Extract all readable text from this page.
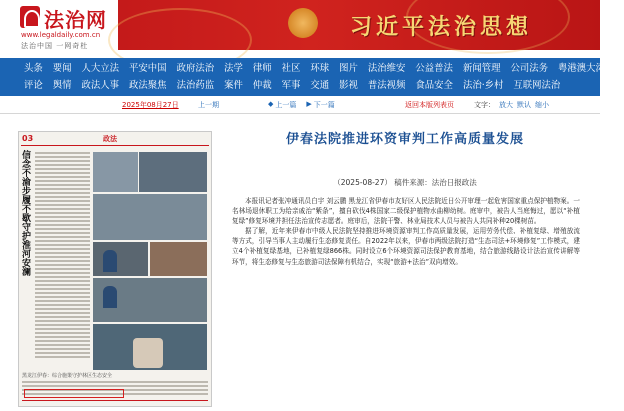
法治网
www.legaldaily.com.cn
法治中国 一网奇杜
习近平法治思想
头条 要闻 人大立法 平安中国 政府法治 法学 律师 社区 环球 图片 法治维安 公益普法 新闻管理 公司法务 粤港澳大湾区
评论 舆情 政法人事 政法聚焦 法治药监 案件 仲裁 军事 交通 影视 普法视频 食品安全 法治·乡村 互联网法治
2025年08月27日	上一期	◆ 上一篇 ▶ 下一篇	返回本版列表页	文字： 放大 默认 缩小
03	政法
信念不渝步履不歇守护淮河安澜
黑龙江伊春：综合施策守护林区生态安全
伊春法院推进环资审判工作高质量发展
（2025-08-27） 稿件来源：法治日报政法

本报讯记者张冲通讯员白宇 刘云鹏 黑龙江省伊春市友好区人民法院近日公开审理一起危害国家重点保护植物案。一名林场退休职工为给亲戚治“紫条”，擅自砍伐4株国家二级保护植物水曲柳幼树。庭审中，被告人当庭悔过，愿以“补植复绿”修复环境并担任法治宣传志愿者。庭审后，法院干警、林业局技术人员与被告人共同补种20棵树苗。

据了解，近年来伊春市中级人民法院坚持推进环境资源审判工作高质量发展，运用劳务代偿、补植复绿、增殖放流等方式，引导当事人主动履行生态修复责任。自2022年以来，伊春市两级法院打造“生态司法+环境修复”工作模式，建立4个补植复绿基地，已补植复绿866株。同时设立6个环境资源司法保护教育基地，结合旅游线路设计法治宣传讲解等环节，将生态修复与生态旅游司法保障有机结合，实现“旅游+法治”双向增效。
